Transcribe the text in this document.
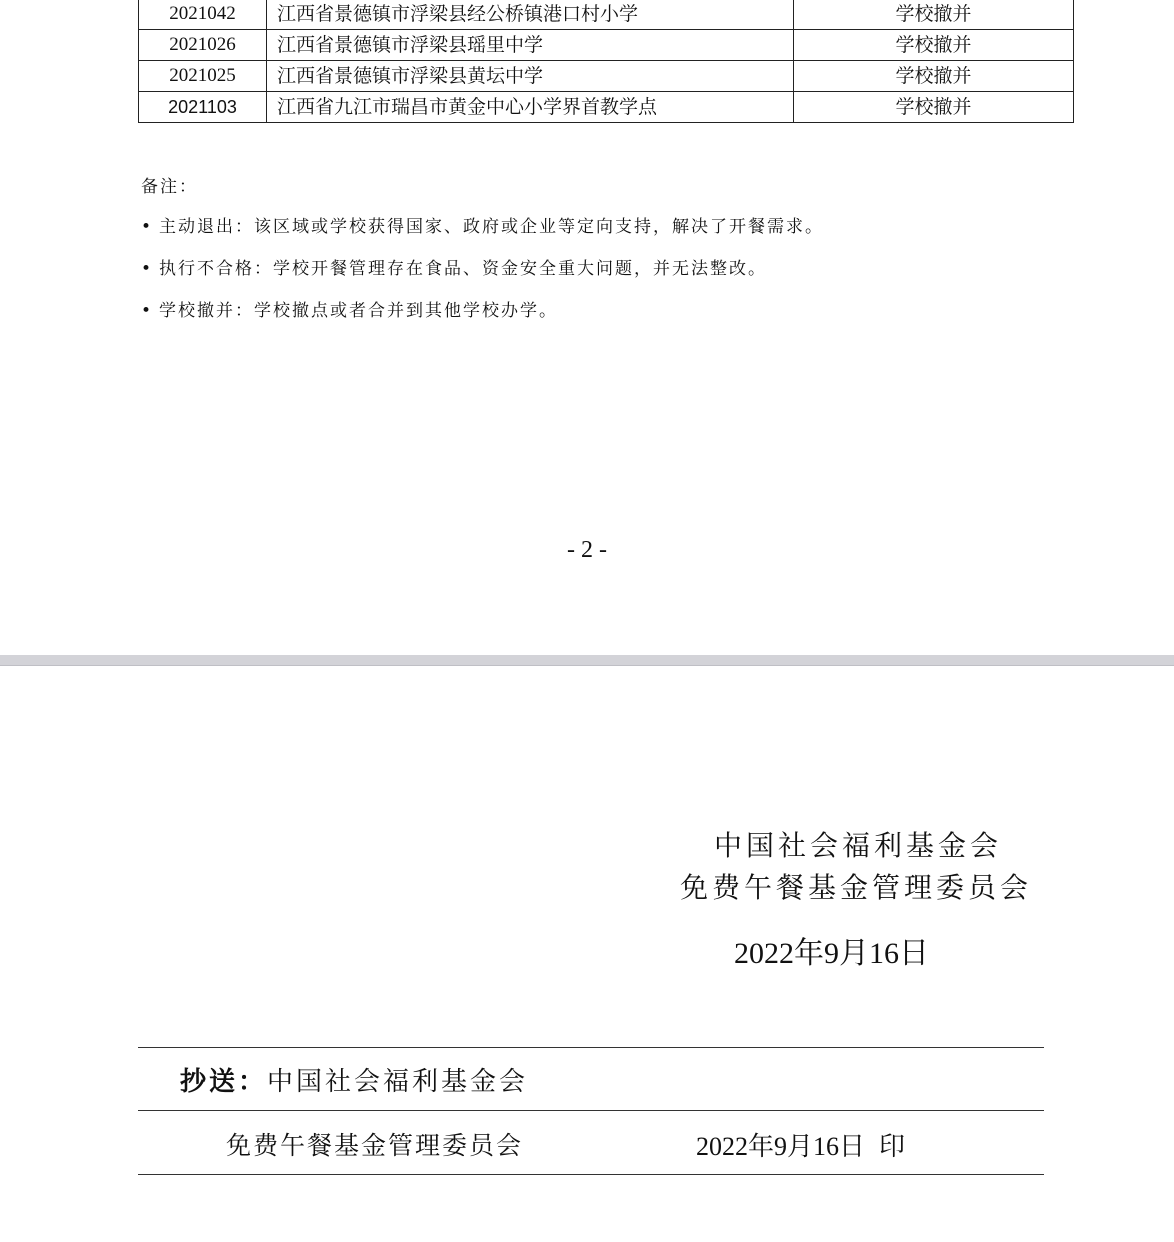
2021042	江西省景德镇市浮梁县经公桥镇港口村小学	学校撤并
2021026	江西省景德镇市浮梁县瑶里中学	学校撤并
2021025	江西省景德镇市浮梁县黄坛中学	学校撤并
2021103	江西省九江市瑞昌市黄金中心小学界首教学点	学校撤并
备注：
• 主动退出：该区域或学校获得国家、政府或企业等定向支持，解决了开餐需求。
• 执行不合格：学校开餐管理存在食品、资金安全重大问题，并无法整改。
• 学校撤并：学校撤点或者合并到其他学校办学。
- 2 -
中国社会福利基金会
免费午餐基金管理委员会
2022年9月16日
抄送：中国社会福利基金会
免费午餐基金管理委员会	2022年9月16日 印
